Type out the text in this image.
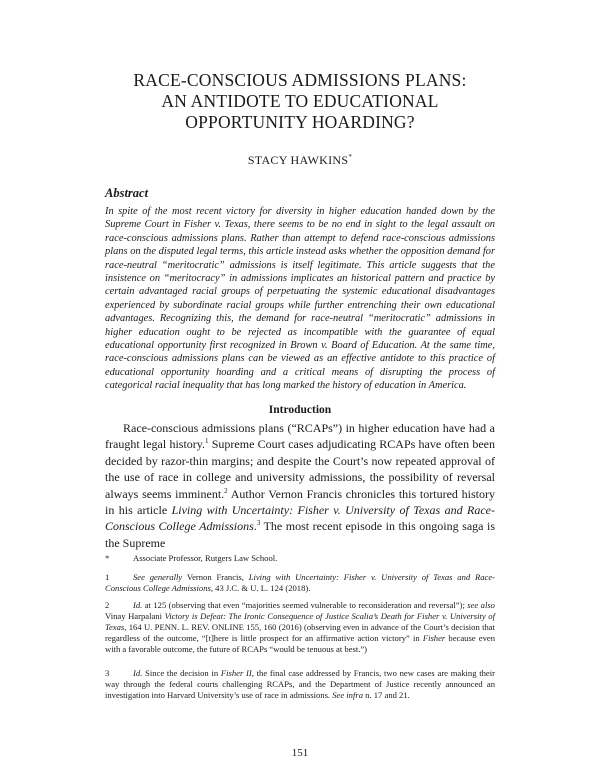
RACE-CONSCIOUS ADMISSIONS PLANS:
AN ANTIDOTE TO EDUCATIONAL
OPPORTUNITY HOARDING?
STACY HAWKINS*
Abstract
In spite of the most recent victory for diversity in higher education handed down by the Supreme Court in Fisher v. Texas, there seems to be no end in sight to the legal assault on race-conscious admissions plans. Rather than attempt to defend race-conscious admissions plans on the disputed legal terms, this article instead asks whether the opposition demand for race-neutral “meritocratic” admissions is itself legitimate. This article suggests that the insistence on “meritocracy” in admissions implicates an historical pattern and practice by certain advantaged racial groups of perpetuating the systemic educational disadvantages experienced by subordinate racial groups while further entrenching their own educational advantages. Recognizing this, the demand for race-neutral “meritocratic” admissions in higher education ought to be rejected as incompatible with the guarantee of equal educational opportunity first recognized in Brown v. Board of Education. At the same time, race-conscious admissions plans can be viewed as an effective antidote to this practice of educational opportunity hoarding and a critical means of disrupting the process of categorical racial inequality that has long marked the history of education in America.
Introduction

Race-conscious admissions plans (“RCAPs”) in higher education have had a fraught legal history.$^1$ Supreme Court cases adjudicating RCAPs have often been decided by razor-thin margins; and despite the Court’s now repeated approval of the use of race in college and university admissions, the possibility of reversal always seems imminent.$^2$ Author Vernon Francis chronicles this tortured history in his article Living with Uncertainty: Fisher v. University of Texas and Race-Conscious College Admissions.$^3$ The most recent episode in this ongoing saga is the Supreme

*	Associate Professor, Rutgers Law School.
1	See generally Vernon Francis, Living with Uncertainty: Fisher v. University of Texas and Race-Conscious College Admissions, 43 J.C. & U. L. 124 (2018).
2	Id. at 125 (observing that even “majorities seemed vulnerable to reconsideration and reversal”); see also Vinay Harpalani Victory is Defeat: The Ironic Consequence of Justice Scalia’s Death for Fisher v. University of Texas, 164 U. PENN. L. REV. ONLINE 155, 160 (2016) (observing even in advance of the Court’s decision that regardless of the outcome, “[t]here is little prospect for an affirmative action victory” in Fisher because even with a favorable outcome, the future of RCAPs “would be tenuous at best.”)
3	Id. Since the decision in Fisher II, the final case addressed by Francis, two new cases are making their way through the federal courts challenging RCAPs, and the Department of Justice recently announced an investigation into Harvard University’s use of race in admissions. See infra n. 17 and 21.
151
